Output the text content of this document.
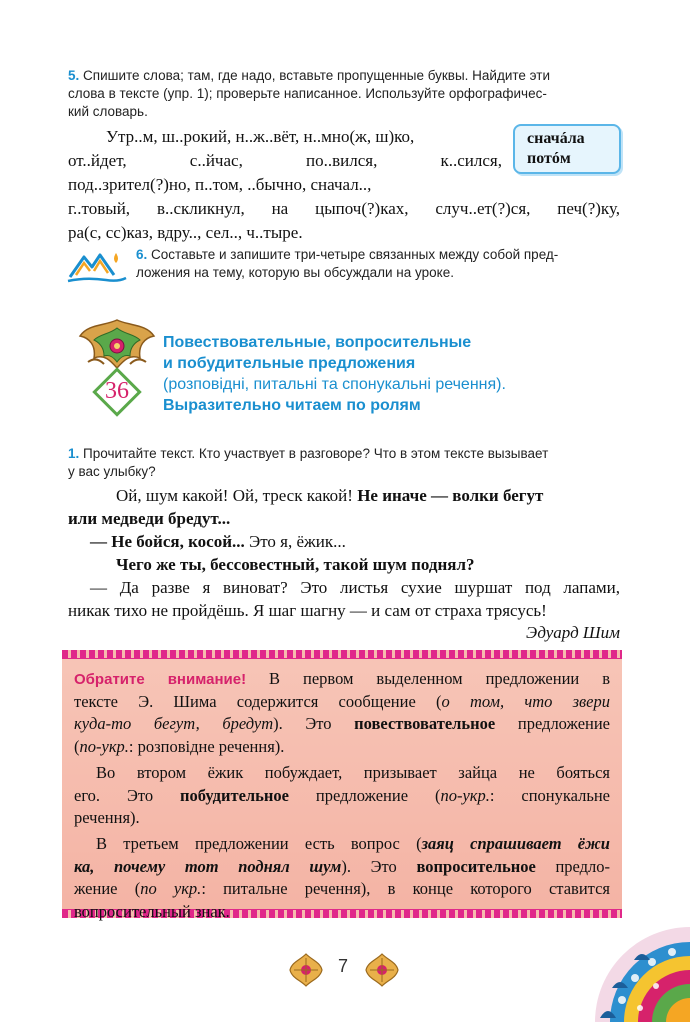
5. Спишите слова; там, где надо, вставьте пропущенные буквы. Найдите эти
слова в тексте (упр. 1); проверьте написанное. Используйте орфографичес-
кий словарь.
Утр..м, ш..рокий, н..ж..вёт, н..мно(ж, ш)ко,
от..йдет, с..йчас, по..вился, к..сился,
под..зрител(?)но, п..том, ..бычно, сначал..,
г..товый, в..скликнул, на цыпоч(?)ках, случ..ет(?)ся, печ(?)ку,
ра(с, сс)каз, вдру.., сел.., ч..тыре.
сначáла
потóм
6. Составьте и запишите три-четыре связанных между собой пред-
ложения на тему, которую вы обсуждали на уроке.
36
Повествовательные, вопросительные
и побудительные предложения
(розповідні, питальні та спонукальні речення).
Выразительно читаем по ролям
1. Прочитайте текст. Кто участвует в разговоре? Что в этом тексте вызывает
у вас улыбку?
Ой, шум какой! Ой, треск какой! Не иначе — волки бегут
или медведи бредут...
— Не бойся, косой... Это я, ёжик...
Чего же ты, бессовестный, такой шум поднял?
— Да разве я виноват? Это листья сухие шуршат под лапами,
никак тихо не пройдёшь. Я шаг шагну — и сам от страха трясусь!
Эдуард Шим
Обратите внимание! В первом выделенном предложении в
тексте Э. Шима содержится сообщение (о том, что звери
куда-то бегут, бредут). Это повествовательное предложение
(по-укр.: розповідне речення).
Во втором ёжик побуждает, призывает зайца не бояться
его. Это побудительное предложение (по-укр.: спонукальне
речення).
В третьем предложении есть вопрос (заяц спрашивает ёжи
ка, почему тот поднял шум). Это вопросительное предло-
жение (по укр.: питальне речення), в конце которого ставится
вопросительный знак.
7
